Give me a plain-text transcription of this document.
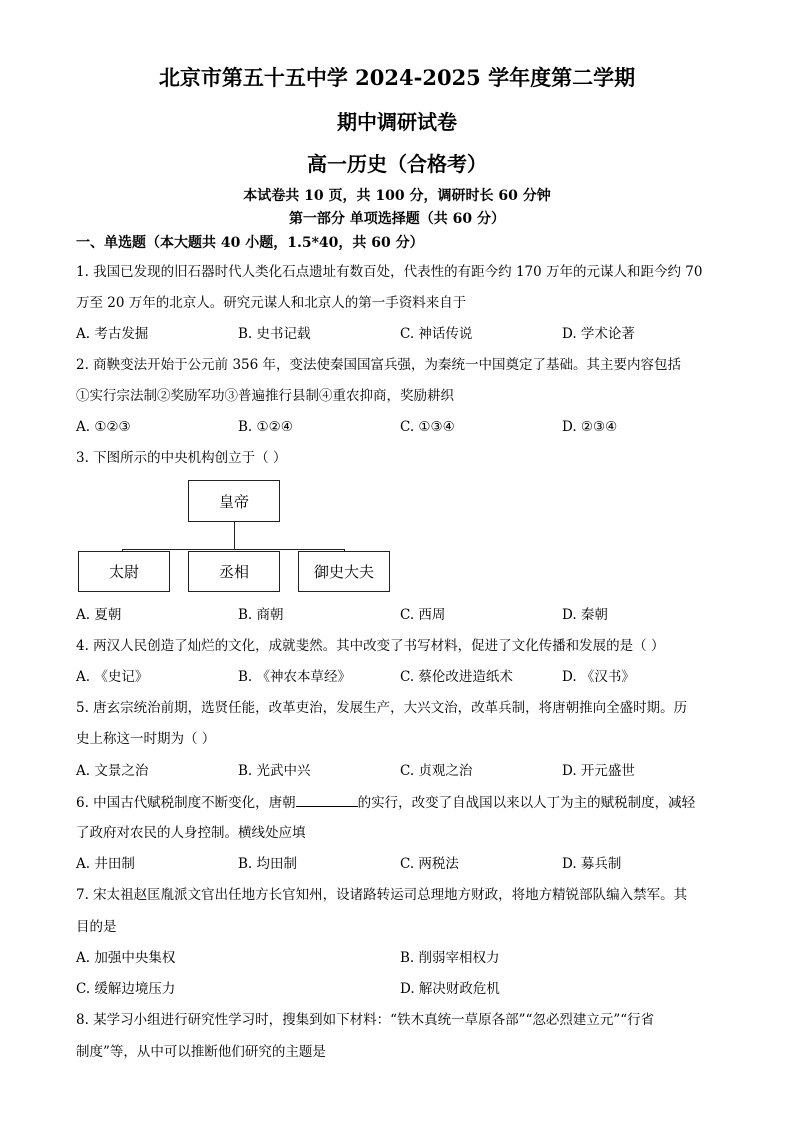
北京市第五十五中学 2024-2025 学年度第二学期
期中调研试卷
高一历史（合格考）
本试卷共 10 页，共 100 分，调研时长 60 分钟
第一部分 单项选择题（共 60 分）
一、单选题（本大题共 40 小题，1.5*40，共 60 分）
1. 我国已发现的旧石器时代人类化石点遗址有数百处，代表性的有距今约 170 万年的元谋人和距今约 70
万至 20 万年的北京人。研究元谋人和北京人的第一手资料来自于
A. 考古发掘	B. 史书记载	C. 神话传说	D. 学术论著
2. 商鞅变法开始于公元前 356 年，变法使秦国国富兵强，为秦统一中国奠定了基础。其主要内容包括
①实行宗法制②奖励军功③普遍推行县制④重农抑商，奖励耕织
A. ①②③	B. ①②④	C. ①③④	D. ②③④
3. 下图所示的中央机构创立于（ ）
皇帝
太尉	丞相	御史大夫
A. 夏朝	B. 商朝	C. 西周	D. 秦朝
4. 两汉人民创造了灿烂的文化，成就斐然。其中改变了书写材料，促进了文化传播和发展的是（ ）
A. 《史记》	B. 《神农本草经》	C. 蔡伦改进造纸术	D. 《汉书》
5. 唐玄宗统治前期，选贤任能，改革吏治，发展生产，大兴文治，改革兵制，将唐朝推向全盛时期。历
史上称这一时期为（ ）
A. 文景之治	B. 光武中兴	C. 贞观之治	D. 开元盛世
6. 中国古代赋税制度不断变化，唐朝	的实行，改变了自战国以来以人丁为主的赋税制度，减轻
了政府对农民的人身控制。横线处应填
A. 井田制	B. 均田制	C. 两税法	D. 募兵制
7. 宋太祖赵匡胤派文官出任地方长官知州，设诸路转运司总理地方财政，将地方精锐部队编入禁军。其
目的是
A. 加强中央集权	B. 削弱宰相权力
C. 缓解边境压力	D. 解决财政危机
8. 某学习小组进行研究性学习时，搜集到如下材料：“铁木真统一草原各部”“忽必烈建立元”“行省
制度”等，从中可以推断他们研究的主题是
